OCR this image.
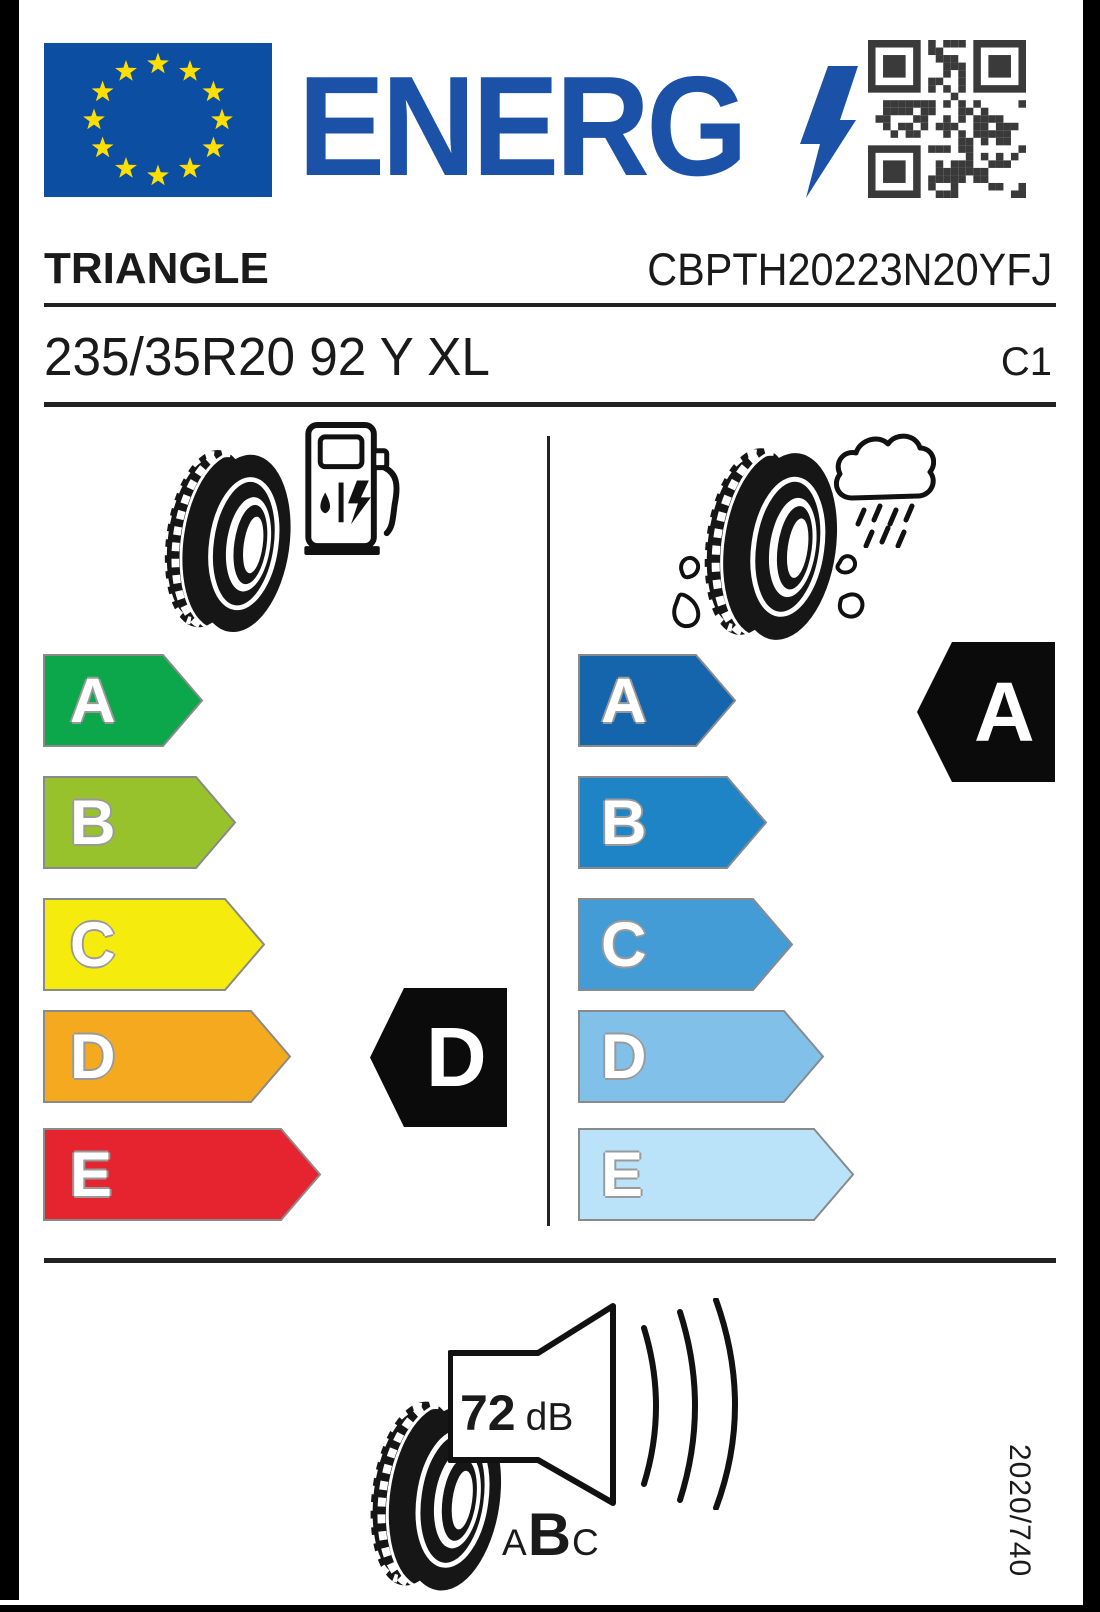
ENERG
TRIANGLE	CBPTH20223N20YFJ
235/35R20 92 Y XL	C1
A
B
C
D
E
A
B
C
D
E
D
A
72 dB
A B C	2020/740
